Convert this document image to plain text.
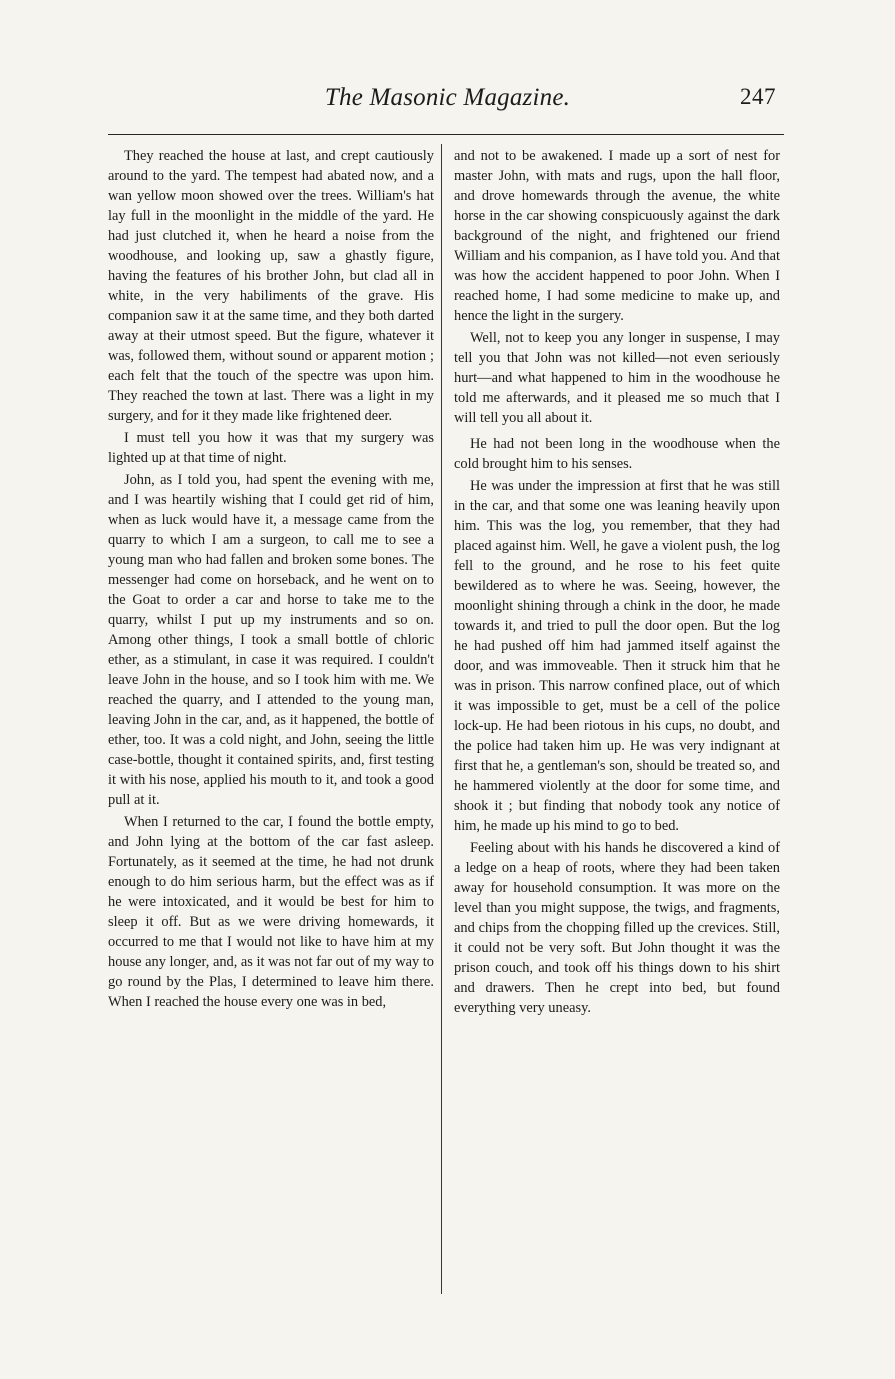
The Masonic Magazine.	247

They reached the house at last, and crept cautiously around to the yard. The tempest had abated now, and a wan yellow moon showed over the trees. William's hat lay full in the moonlight in the middle of the yard. He had just clutched it, when he heard a noise from the woodhouse, and looking up, saw a ghastly figure, having the features of his brother John, but clad all in white, in the very habiliments of the grave. His companion saw it at the same time, and they both darted away at their utmost speed. But the figure, whatever it was, followed them, without sound or apparent motion ; each felt that the touch of the spectre was upon him. They reached the town at last. There was a light in my surgery, and for it they made like frightened deer.

I must tell you how it was that my surgery was lighted up at that time of night.

John, as I told you, had spent the evening with me, and I was heartily wishing that I could get rid of him, when as luck would have it, a message came from the quarry to which I am a surgeon, to call me to see a young man who had fallen and broken some bones. The messenger had come on horseback, and he went on to the Goat to order a car and horse to take me to the quarry, whilst I put up my instruments and so on. Among other things, I took a small bottle of chloric ether, as a stimulant, in case it was required. I couldn't leave John in the house, and so I took him with me. We reached the quarry, and I attended to the young man, leaving John in the car, and, as it happened, the bottle of ether, too. It was a cold night, and John, seeing the little case-bottle, thought it contained spirits, and, first testing it with his nose, applied his mouth to it, and took a good pull at it.

When I returned to the car, I found the bottle empty, and John lying at the bottom of the car fast asleep. Fortunately, as it seemed at the time, he had not drunk enough to do him serious harm, but the effect was as if he were intoxicated, and it would be best for him to sleep it off. But as we were driving homewards, it occurred to me that I would not like to have him at my house any longer, and, as it was not far out of my way to go round by the Plas, I determined to leave him there. When I reached the house every one was in bed,

and not to be awakened. I made up a sort of nest for master John, with mats and rugs, upon the hall floor, and drove homewards through the avenue, the white horse in the car showing conspicuously against the dark background of the night, and frightened our friend William and his companion, as I have told you. And that was how the accident happened to poor John. When I reached home, I had some medicine to make up, and hence the light in the surgery.

Well, not to keep you any longer in suspense, I may tell you that John was not killed—not even seriously hurt—and what happened to him in the woodhouse he told me afterwards, and it pleased me so much that I will tell you all about it.

He had not been long in the woodhouse when the cold brought him to his senses.

He was under the impression at first that he was still in the car, and that some one was leaning heavily upon him. This was the log, you remember, that they had placed against him. Well, he gave a violent push, the log fell to the ground, and he rose to his feet quite bewildered as to where he was. Seeing, however, the moonlight shining through a chink in the door, he made towards it, and tried to pull the door open. But the log he had pushed off him had jammed itself against the door, and was immoveable. Then it struck him that he was in prison. This narrow confined place, out of which it was impossible to get, must be a cell of the police lock-up. He had been riotous in his cups, no doubt, and the police had taken him up. He was very indignant at first that he, a gentleman's son, should be treated so, and he hammered violently at the door for some time, and shook it ; but finding that nobody took any notice of him, he made up his mind to go to bed.

Feeling about with his hands he discovered a kind of a ledge on a heap of roots, where they had been taken away for household consumption. It was more on the level than you might suppose, the twigs, and fragments, and chips from the chopping filled up the crevices. Still, it could not be very soft. But John thought it was the prison couch, and took off his things down to his shirt and drawers. Then he crept into bed, but found everything very uneasy.
